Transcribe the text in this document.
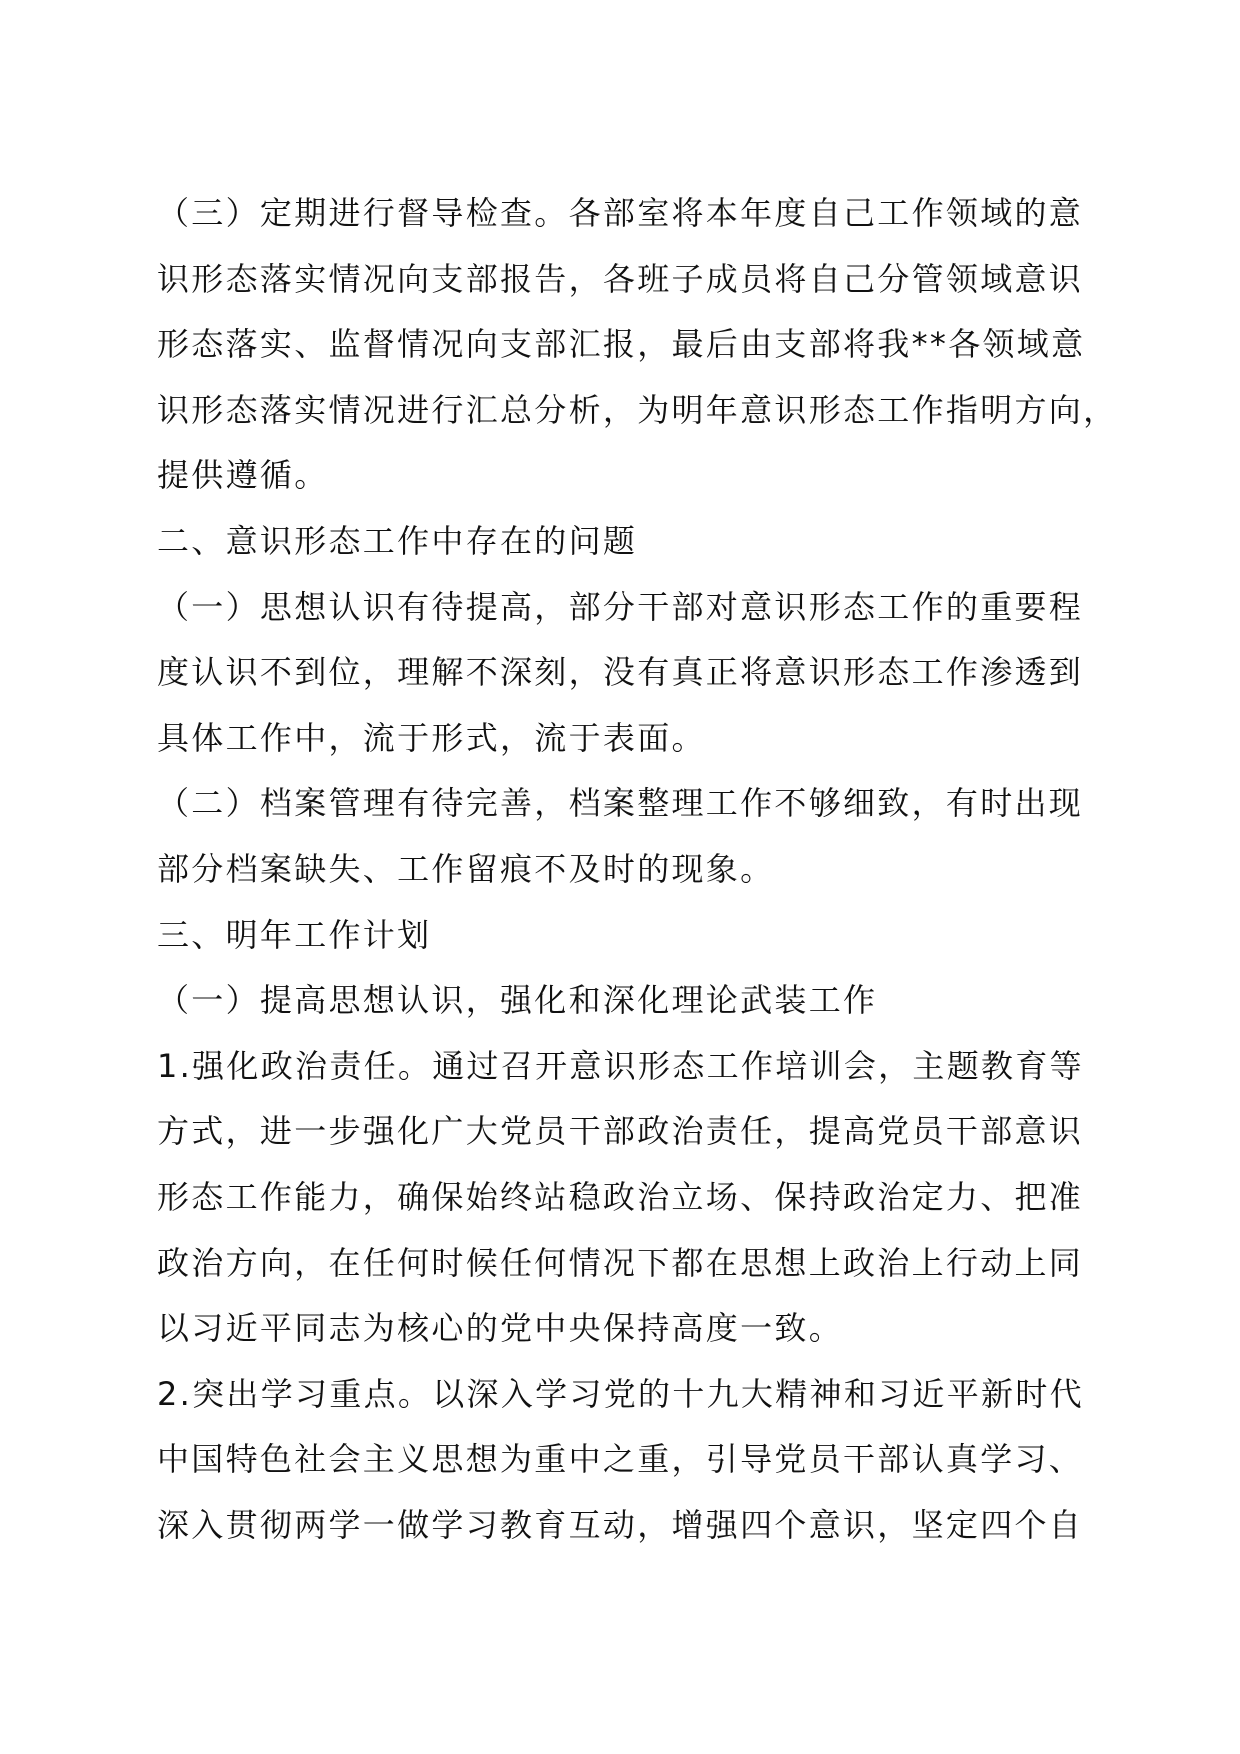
（三）定期进行督导检查。各部室将本年度自己工作领域的意
识形态落实情况向支部报告，各班子成员将自己分管领域意识
形态落实、监督情况向支部汇报，最后由支部将我**各领域意
识形态落实情况进行汇总分析，为明年意识形态工作指明方向，
提供遵循。
二、意识形态工作中存在的问题
（一）思想认识有待提高，部分干部对意识形态工作的重要程
度认识不到位，理解不深刻，没有真正将意识形态工作渗透到
具体工作中，流于形式，流于表面。
（二）档案管理有待完善，档案整理工作不够细致，有时出现
部分档案缺失、工作留痕不及时的现象。
三、明年工作计划
（一）提高思想认识，强化和深化理论武装工作
1.强化政治责任。通过召开意识形态工作培训会，主题教育等
方式，进一步强化广大党员干部政治责任，提高党员干部意识
形态工作能力，确保始终站稳政治立场、保持政治定力、把准
政治方向，在任何时候任何情况下都在思想上政治上行动上同
以习近平同志为核心的党中央保持高度一致。
2.突出学习重点。以深入学习党的十九大精神和习近平新时代
中国特色社会主义思想为重中之重，引导党员干部认真学习、
深入贯彻两学一做学习教育互动，增强四个意识，坚定四个自
